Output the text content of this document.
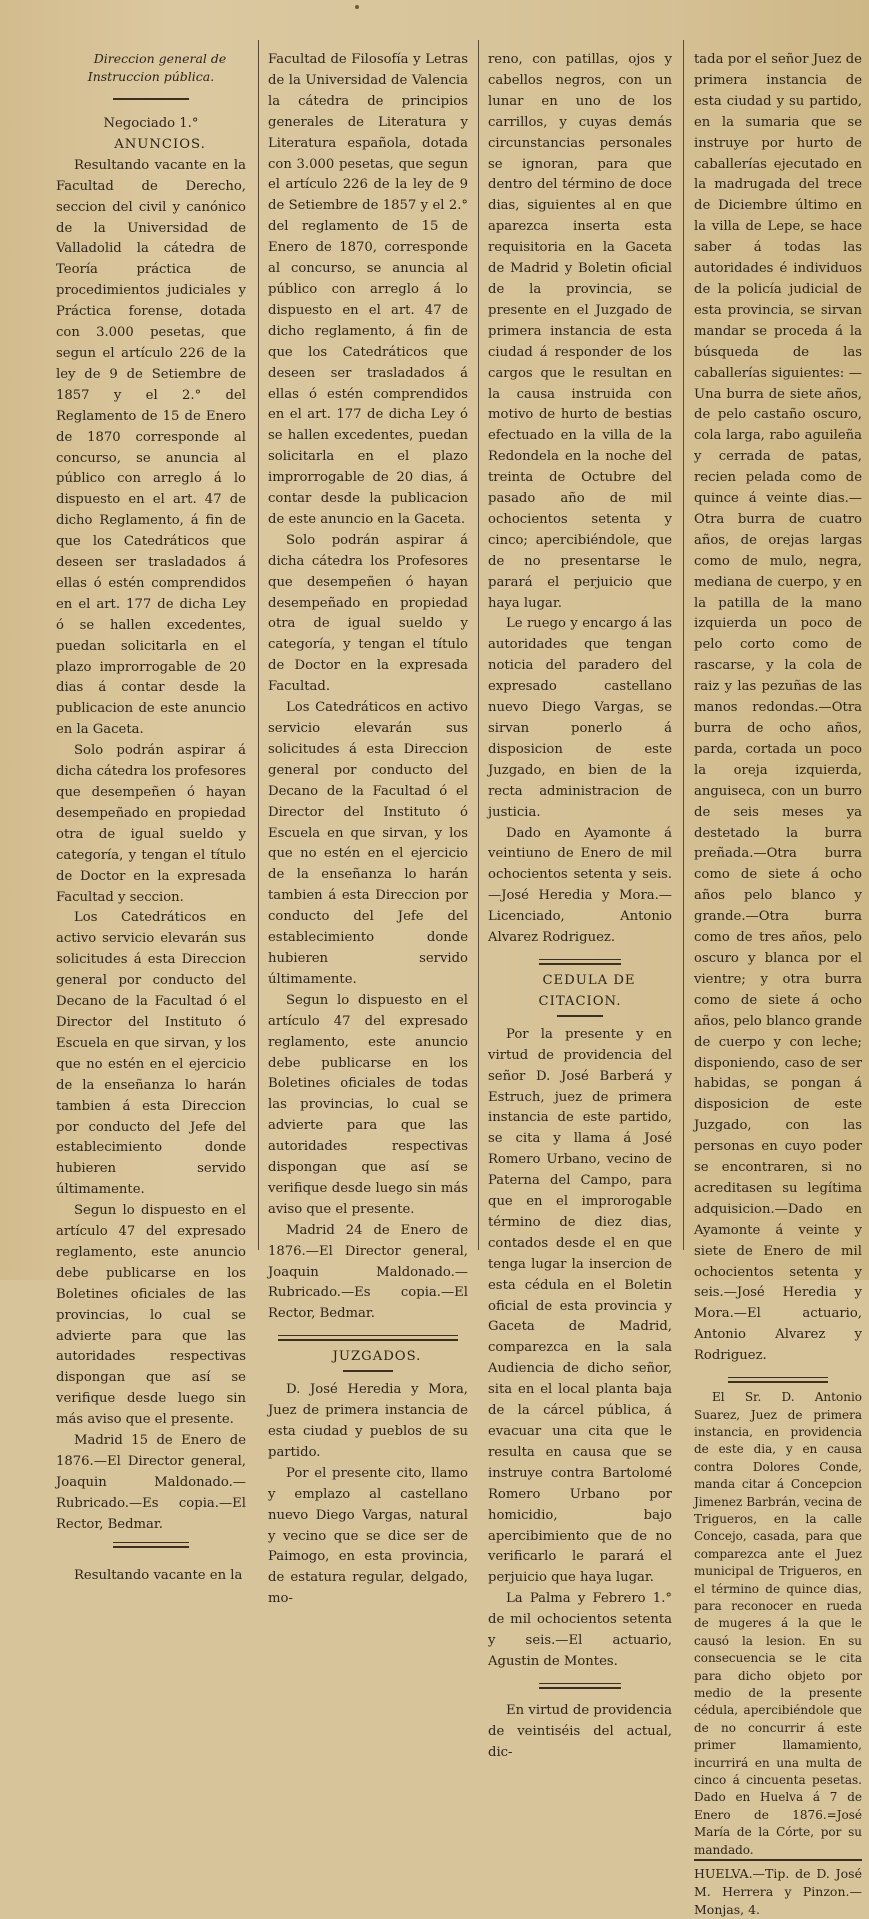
Direccion general de Instruccion pública.

Negociado 1.°

ANUNCIOS.

Resultando vacante en la Facultad de Derecho, seccion del civil y canónico de la Universidad de Valladolid la cátedra de Teoría práctica de procedimientos judiciales y Práctica forense, dotada con 3.000 pesetas, que segun el artículo 226 de la ley de 9 de Setiembre de 1857 y el 2.° del Reglamento de 15 de Enero de 1870 corresponde al concurso, se anuncia al público con arreglo á lo dispuesto en el art. 47 de dicho Reglamento, á fin de que los Catedráticos que deseen ser trasladados á ellas ó estén comprendidos en el art. 177 de dicha Ley ó se hallen excedentes, puedan solicitarla en el plazo improrrogable de 20 dias á contar desde la publicacion de este anuncio en la Gaceta.

Solo podrán aspirar á dicha cátedra los profesores que desempeñen ó hayan desempeñado en propiedad otra de igual sueldo y categoría, y tengan el título de Doctor en la expresada Facultad y seccion.

Los Catedráticos en activo servicio elevarán sus solicitudes á esta Direccion general por conducto del Decano de la Facultad ó el Director del Instituto ó Escuela en que sirvan, y los que no estén en el ejercicio de la enseñanza lo harán tambien á esta Direccion por conducto del Jefe del establecimiento donde hubieren servido últimamente.

Segun lo dispuesto en el artículo 47 del expresado reglamento, este anuncio debe publicarse en los Boletines oficiales de las provincias, lo cual se advierte para que las autoridades respectivas dispongan que así se verifique desde luego sin más aviso que el presente.

Madrid 15 de Enero de 1876.—El Director general, Joaquin Maldonado.—Rubricado.—Es copia.—El Rector, Bedmar.

Resultando vacante en la

Facultad de Filosofía y Letras de la Universidad de Valencia la cátedra de principios generales de Literatura y Literatura española, dotada con 3.000 pesetas, que segun el artículo 226 de la ley de 9 de Setiembre de 1857 y el 2.° del reglamento de 15 de Enero de 1870, corresponde al concurso, se anuncia al público con arreglo á lo dispuesto en el art. 47 de dicho reglamento, á fin de que los Catedráticos que deseen ser trasladados á ellas ó estén comprendidos en el art. 177 de dicha Ley ó se hallen excedentes, puedan solicitarla en el plazo improrrogable de 20 dias, á contar desde la publicacion de este anuncio en la Gaceta.

Solo podrán aspirar á dicha cátedra los Profesores que desempeñen ó hayan desempeñado en propiedad otra de igual sueldo y categoría, y tengan el título de Doctor en la expresada Facultad.

Los Catedráticos en activo servicio elevarán sus solicitudes á esta Direccion general por conducto del Decano de la Facultad ó el Director del Instituto ó Escuela en que sirvan, y los que no estén en el ejercicio de la enseñanza lo harán tambien á esta Direccion por conducto del Jefe del establecimiento donde hubieren servido últimamente.

Segun lo dispuesto en el artículo 47 del expresado reglamento, este anuncio debe publicarse en los Boletines oficiales de todas las provincias, lo cual se advierte para que las autoridades respectivas dispongan que así se verifique desde luego sin más aviso que el presente.

Madrid 24 de Enero de 1876.—El Director general, Joaquin Maldonado.—Rubricado.—Es copia.—El Rector, Bedmar.

JUZGADOS.

D. José Heredia y Mora, Juez de primera instancia de esta ciudad y pueblos de su partido.

Por el presente cito, llamo y emplazo al castellano nuevo Diego Vargas, natural y vecino que se dice ser de Paimogo, en esta provincia, de estatura regular, delgado, mo-

reno, con patillas, ojos y cabellos negros, con un lunar en uno de los carrillos, y cuyas demás circunstancias personales se ignoran, para que dentro del término de doce dias, siguientes al en que aparezca inserta esta requisitoria en la Gaceta de Madrid y Boletin oficial de la provincia, se presente en el Juzgado de primera instancia de esta ciudad á responder de los cargos que le resultan en la causa instruida con motivo de hurto de bestias efectuado en la villa de la Redondela en la noche del treinta de Octubre del pasado año de mil ochocientos setenta y cinco; apercibiéndole, que de no presentarse le parará el perjuicio que haya lugar.

Le ruego y encargo á las autoridades que tengan noticia del paradero del expresado castellano nuevo Diego Vargas, se sirvan ponerlo á disposicion de este Juzgado, en bien de la recta administracion de justicia.

Dado en Ayamonte á veintiuno de Enero de mil ochocientos setenta y seis.—José Heredia y Mora.—Licenciado, Antonio Alvarez Rodriguez.

CEDULA DE CITACION.

Por la presente y en virtud de providencia del señor D. José Barberá y Estruch, juez de primera instancia de este partido, se cita y llama á José Romero Urbano, vecino de Paterna del Campo, para que en el improrogable término de diez dias, contados desde el en que tenga lugar la insercion de esta cédula en el Boletin oficial de esta provincia y Gaceta de Madrid, comparezca en la sala Audiencia de dicho señor, sita en el local planta baja de la cárcel pública, á evacuar una cita que le resulta en causa que se instruye contra Bartolomé Romero Urbano por homicidio, bajo apercibimiento que de no verificarlo le parará el perjuicio que haya lugar.

La Palma y Febrero 1.° de mil ochocientos setenta y seis.—El actuario, Agustin de Montes.

En virtud de providencia de veintiséis del actual, dic-

tada por el señor Juez de primera instancia de esta ciudad y su partido, en la sumaria que se instruye por hurto de caballerías ejecutado en la madrugada del trece de Diciembre último en la villa de Lepe, se hace saber á todas las autoridades é individuos de la policía judicial de esta provincia, se sirvan mandar se proceda á la búsqueda de las caballerías siguientes: —Una burra de siete años, de pelo castaño oscuro, cola larga, rabo aguileña y cerrada de patas, recien pelada como de quince á veinte dias.—Otra burra de cuatro años, de orejas largas como de mulo, negra, mediana de cuerpo, y en la patilla de la mano izquierda un poco de pelo corto como de rascarse, y la cola de raiz y las pezuñas de las manos redondas.—Otra burra de ocho años, parda, cortada un poco la oreja izquierda, anguiseca, con un burro de seis meses ya destetado la burra preñada.—Otra burra como de siete á ocho años pelo blanco y grande.—Otra burra como de tres años, pelo oscuro y blanca por el vientre; y otra burra como de siete á ocho años, pelo blanco grande de cuerpo y con leche; disponiendo, caso de ser habidas, se pongan á disposicion de este Juzgado, con las personas en cuyo poder se encontraren, si no acreditasen su legítima adquisicion.—Dado en Ayamonte á veinte y siete de Enero de mil ochocientos setenta y seis.—José Heredia y Mora.—El actuario, Antonio Alvarez y Rodriguez.

El Sr. D. Antonio Suarez, Juez de primera instancia, en providencia de este dia, y en causa contra Dolores Conde, manda citar á Concepcion Jimenez Barbrán, vecina de Trigueros, en la calle Concejo, casada, para que comparezca ante el Juez municipal de Trigueros, en el término de quince dias, para reconocer en rueda de mugeres á la que le causó la lesion. En su consecuencia se le cita para dicho objeto por medio de la presente cédula, apercibiéndole que de no concurrir á este primer llamamiento, incurrirá en una multa de cinco á cincuenta pesetas. Dado en Huelva á 7 de Enero de 1876.=José María de la Córte, por su mandado.

HUELVA.—Tip. de D. José M. Herrera y Pinzon.—Monjas, 4.
